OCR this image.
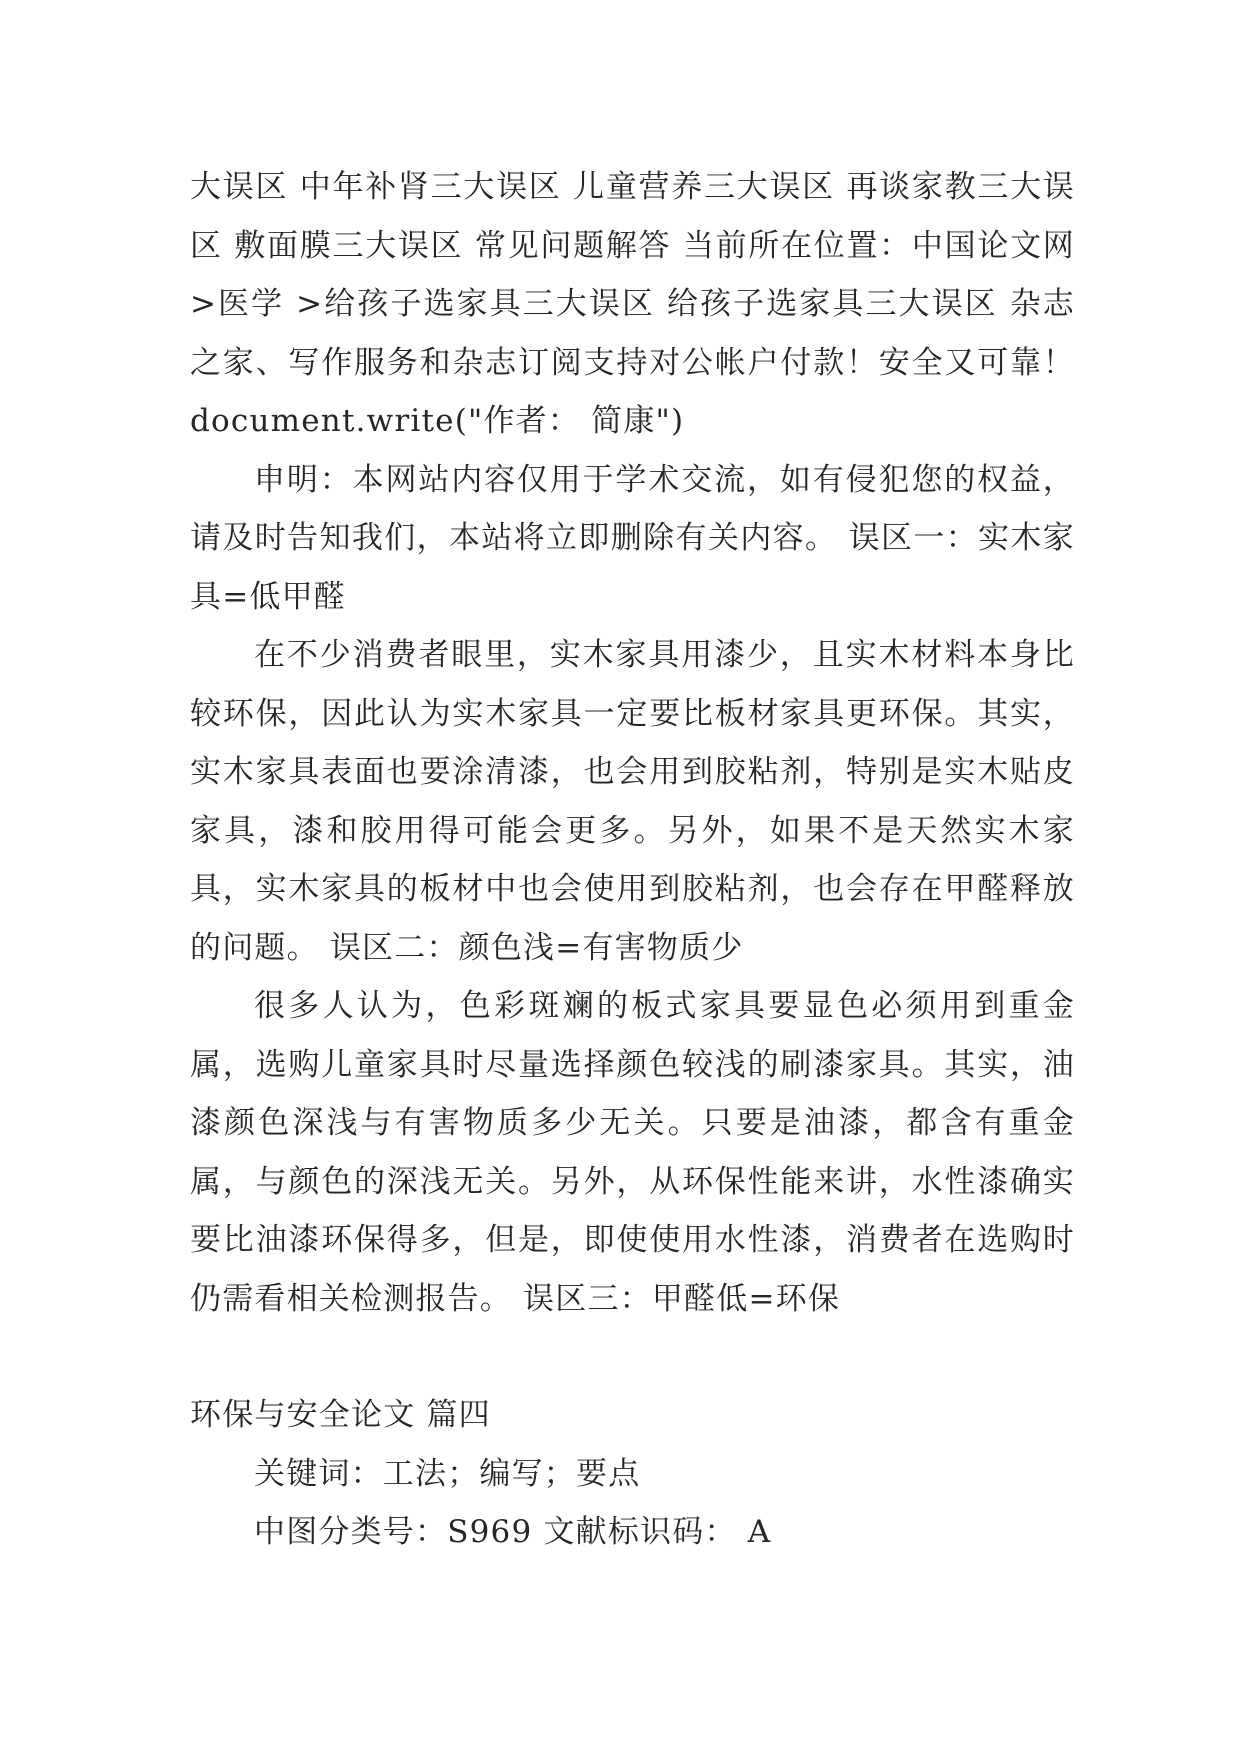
大误区 中年补肾三大误区 儿童营养三大误区 再谈家教三大误区 敷面膜三大误区 常见问题解答 当前所在位置：中国论文网 >医学 >给孩子选家具三大误区 给孩子选家具三大误区 杂志之家、写作服务和杂志订阅支持对公帐户付款！安全又可靠！ document.write("作者： 简康")

申明：本网站内容仅用于学术交流，如有侵犯您的权益，请及时告知我们，本站将立即删除有关内容。 误区一：实木家具=低甲醛

在不少消费者眼里，实木家具用漆少，且实木材料本身比较环保，因此认为实木家具一定要比板材家具更环保。其实，实木家具表面也要涂清漆，也会用到胶粘剂，特别是实木贴皮家具，漆和胶用得可能会更多。另外，如果不是天然实木家具，实木家具的板材中也会使用到胶粘剂，也会存在甲醛释放的问题。 误区二：颜色浅=有害物质少

很多人认为，色彩斑斓的板式家具要显色必须用到重金属，选购儿童家具时尽量选择颜色较浅的刷漆家具。其实，油漆颜色深浅与有害物质多少无关。只要是油漆，都含有重金属，与颜色的深浅无关。另外，从环保性能来讲，水性漆确实要比油漆环保得多，但是，即使使用水性漆，消费者在选购时仍需看相关检测报告。 误区三：甲醛低=环保

环保与安全论文 篇四

关键词：工法；编写；要点

中图分类号：S969 文献标识码： A
